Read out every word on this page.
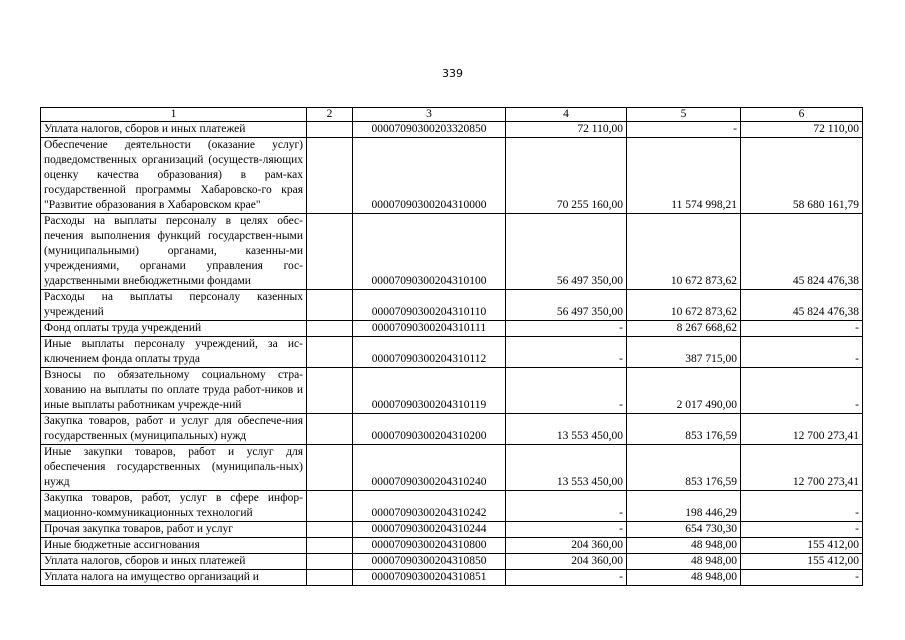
339
1	2	3	4	5	6
Уплата налогов, сборов и иных платежей		00007090300203320850	72 110,00	-	72 110,00
Обеспечение деятельности (оказание услуг) подведомственных организаций (осуществ-ляющих оценку качества образования) в рам-ках государственной программы Хабаровско-го края "Развитие образования в Хабаровском крае"		00007090300204310000	70 255 160,00	11 574 998,21	58 680 161,79
Расходы на выплаты персоналу в целях обес-печения выполнения функций государствен-ными (муниципальными) органами, казенны-ми учреждениями, органами управления гос-ударственными внебюджетными фондами		00007090300204310100	56 497 350,00	10 672 873,62	45 824 476,38
Расходы на выплаты персоналу казенных учреждений		00007090300204310110	56 497 350,00	10 672 873,62	45 824 476,38
Фонд оплаты труда учреждений		00007090300204310111	-	8 267 668,62	-
Иные выплаты персоналу учреждений, за ис-ключением фонда оплаты труда		00007090300204310112	-	387 715,00	-
Взносы по обязательному социальному стра-хованию на выплаты по оплате труда работ-ников и иные выплаты работникам учрежде-ний		00007090300204310119	-	2 017 490,00	-
Закупка товаров, работ и услуг для обеспече-ния государственных (муниципальных) нужд		00007090300204310200	13 553 450,00	853 176,59	12 700 273,41
Иные закупки товаров, работ и услуг для обеспечения государственных (муниципаль-ных) нужд		00007090300204310240	13 553 450,00	853 176,59	12 700 273,41
Закупка товаров, работ, услуг в сфере инфор-мационно-коммуникационных технологий		00007090300204310242	-	198 446,29	-
Прочая закупка товаров, работ и услуг		00007090300204310244	-	654 730,30	-
Иные бюджетные ассигнования		00007090300204310800	204 360,00	48 948,00	155 412,00
Уплата налогов, сборов и иных платежей		00007090300204310850	204 360,00	48 948,00	155 412,00
Уплата налога на имущество организаций и		00007090300204310851	-	48 948,00	-
